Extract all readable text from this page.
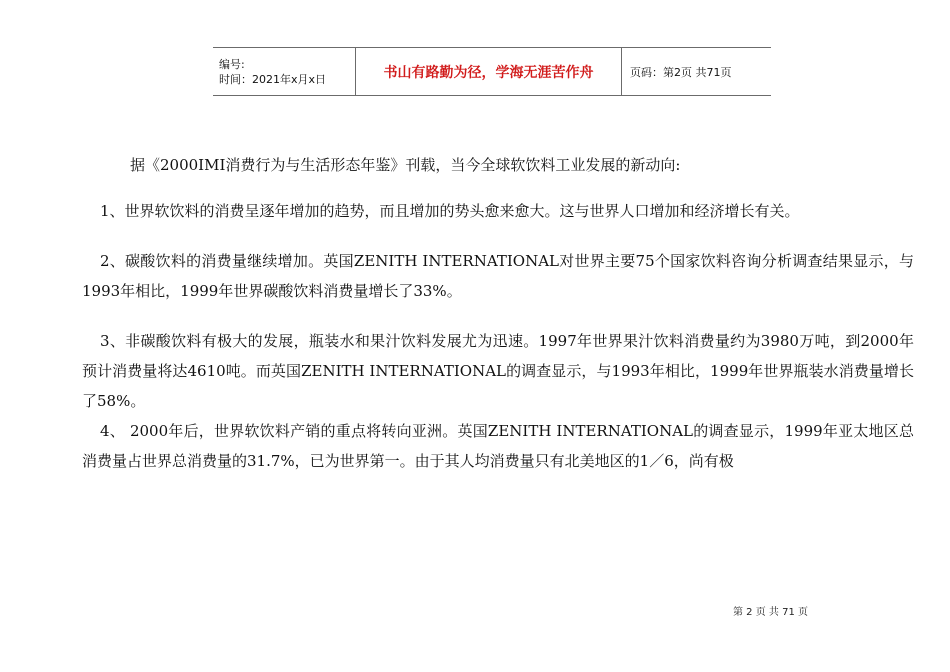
编号:
时间：2021年x月x日	书山有路勤为径，学海无涯苦作舟	页码：第2页 共71页

据《2000IMI消费行为与生活形态年鉴》刊载，当今全球软饮料工业发展的新动向:

1、世界软饮料的消费呈逐年增加的趋势，而且增加的势头愈来愈大。这与世界人口增加和经济增长有关。

2、碳酸饮料的消费量继续增加。英国ZENITH INTERNATIONAL对世界主要75个国家饮料咨询分析调查结果显示，与1993年相比，1999年世界碳酸饮料消费量增长了33%。

3、非碳酸饮料有极大的发展，瓶装水和果汁饮料发展尤为迅速。1997年世界果汁饮料消费量约为3980万吨，到2000年预计消费量将达4610吨。而英国ZENITH INTERNATIONAL的调查显示，与1993年相比，1999年世界瓶装水消费量增长了58%。

4、 2000年后，世界软饮料产销的重点将转向亚洲。英国ZENITH INTERNATIONAL的调查显示，1999年亚太地区总消费量占世界总消费量的31.7%，已为世界第一。由于其人均消费量只有北美地区的1／6，尚有极

第 2 页 共 71 页
